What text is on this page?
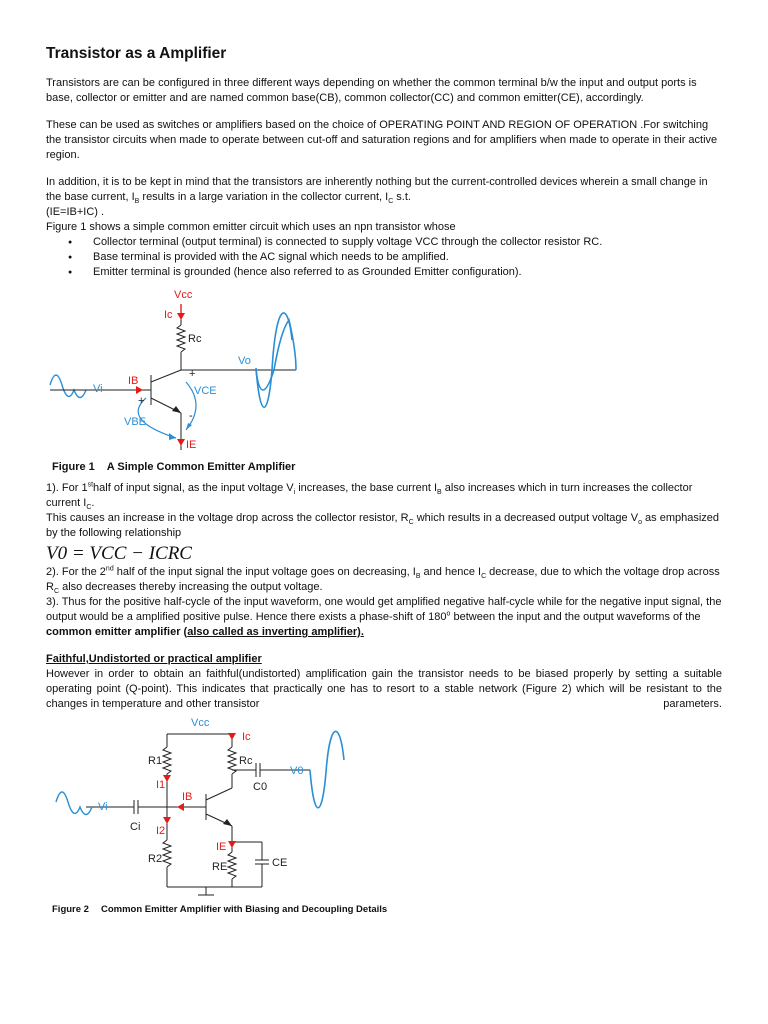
Transistor as a Amplifier

Transistors are can be configured in three different ways depending on whether the common terminal b/w the input and output ports is base, collector or emitter and are named common base(CB), common collector(CC) and common emitter(CE), accordingly.

These can be used as switches or amplifiers based on the choice of OPERATING POINT AND REGION OF OPERATION .For switching the transistor circuits when made to operate between cut-off and saturation regions and for amplifiers when made to operate in their active region.

In addition, it is to be kept in mind that the transistors are inherently nothing but the current-controlled devices wherein a small change in the base current, $I_B$ results in a large variation in the collector current, $I_C$ s.t.

(IE=IB+IC) .

Figure 1 shows a simple common emitter circuit which uses an npn transistor whose

● Collector terminal (output terminal) is connected to supply voltage VCC through the collector resistor RC.
● Base terminal is provided with the AC signal which needs to be amplified.
● Emitter terminal is grounded (hence also referred to as Grounded Emitter configuration).
Vcc
Ic
Rc
Vo
IB
Vi	VCE
+
-
+
VBE
IE

Figure 1 A Simple Common Emitter Amplifier

1). For 1sthalf of input signal, as the input voltage $V_i$ increases, the base current $I_B$ also increases which in turn increases the collector current $I_C$.

This causes an increase in the voltage drop across the collector resistor, $R_C$ which results in a decreased output voltage $V_o$ as emphasized by the following relationship

V0 = VCC − ICRC

2). For the 2nd half of the input signal the input voltage goes on decreasing, $I_B$ and hence $I_C$ decrease, due to which the voltage drop across $R_C$ also decreases thereby increasing the output voltage.

3). Thus for the positive half-cycle of the input waveform, one would get amplified negative half-cycle while for the negative input signal, the output would be a amplified positive pulse. Hence there exists a phase-shift of 180$^o$ between the input and the output waveforms of the common emitter amplifier (also called as inverting amplifier).

Faithful,Undistorted or practical amplifier

However in order to obtain an faithful(undistorted) amplification gain the transistor needs to be biased properly by setting a suitable operating point (Q-point). This indicates that practically one has to resort to a stable network (Figure 2) which will be resistant to the changes in temperature and other transistor	parameters.

Vcc
Ic
R1	Rc
V0
C0
I1
IB
Vi
Ci I2
IE
R2
RE	CE

Figure 2 Common Emitter Amplifier with Biasing and Decoupling Details
